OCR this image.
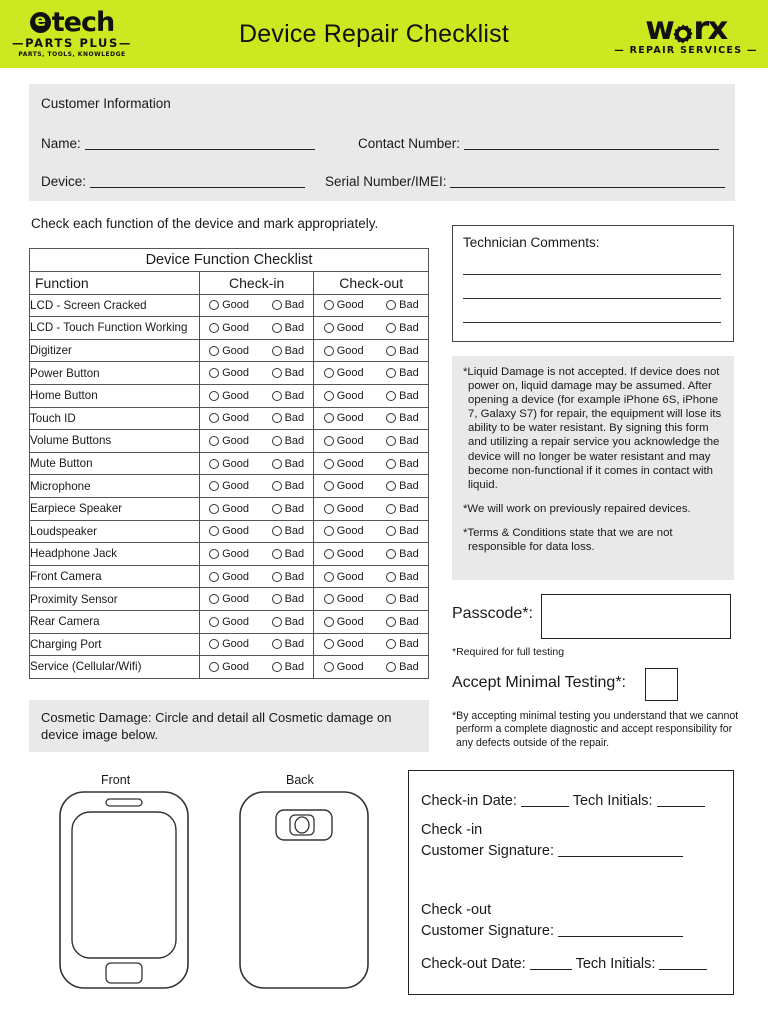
e tech
—PARTS PLUS—
PARTS, TOOLS, KNOWLEDGE
Device Repair Checklist	w rx
— REPAIR SERVICES —
Customer Information
Name:	Contact Number:
Device:	Serial Number/IMEI:
Check each function of the device and mark appropriately.
Device Function Checklist		
Function	Check-in	Check-out
LCD - Screen Cracked	Good Bad	Good Bad

LCD - Touch Function Working	Good Bad	Good Bad

Digitizer	Good Bad	Good Bad

Power Button	Good Bad	Good Bad

Home Button	Good Bad	Good Bad

Touch ID	Good Bad	Good Bad

Volume Buttons	Good Bad	Good Bad

Mute Button	Good Bad	Good Bad

Microphone	Good Bad	Good Bad

Earpiece Speaker	Good Bad	Good Bad

Loudspeaker	Good Bad	Good Bad

Headphone Jack	Good Bad	Good Bad

Front Camera	Good Bad	Good Bad

Proximity Sensor	Good Bad	Good Bad

Rear Camera	Good Bad	Good Bad

Charging Port	Good Bad	Good Bad

Service (Cellular/Wifi)	Good Bad	Good Bad
Technician Comments:

*Liquid Damage is not accepted. If device does not power on, liquid damage may be assumed. After opening a device (for example iPhone 6S, iPhone 7, Galaxy S7) for repair, the equipment will lose its ability to be water resistant. By signing this form and utilizing a repair service you acknowledge the device will no longer be water resistant and may become non-functional if it comes in contact with liquid.

*We will work on previously repaired devices.

*Terms & Conditions state that we are not responsible for data loss.

Passcode*:
*Required for full testing
Accept Minimal Testing*:
*By accepting minimal testing you understand that we cannot perform a complete diagnostic and accept responsibility for any defects outside of the repair.
Cosmetic Damage: Circle and detail all Cosmetic damage on device image below.
Front	Back
Check-in Date:	Tech Initials:
Check -in
Customer Signature:
Check -out
Customer Signature:
Check-out Date:	Tech Initials:
